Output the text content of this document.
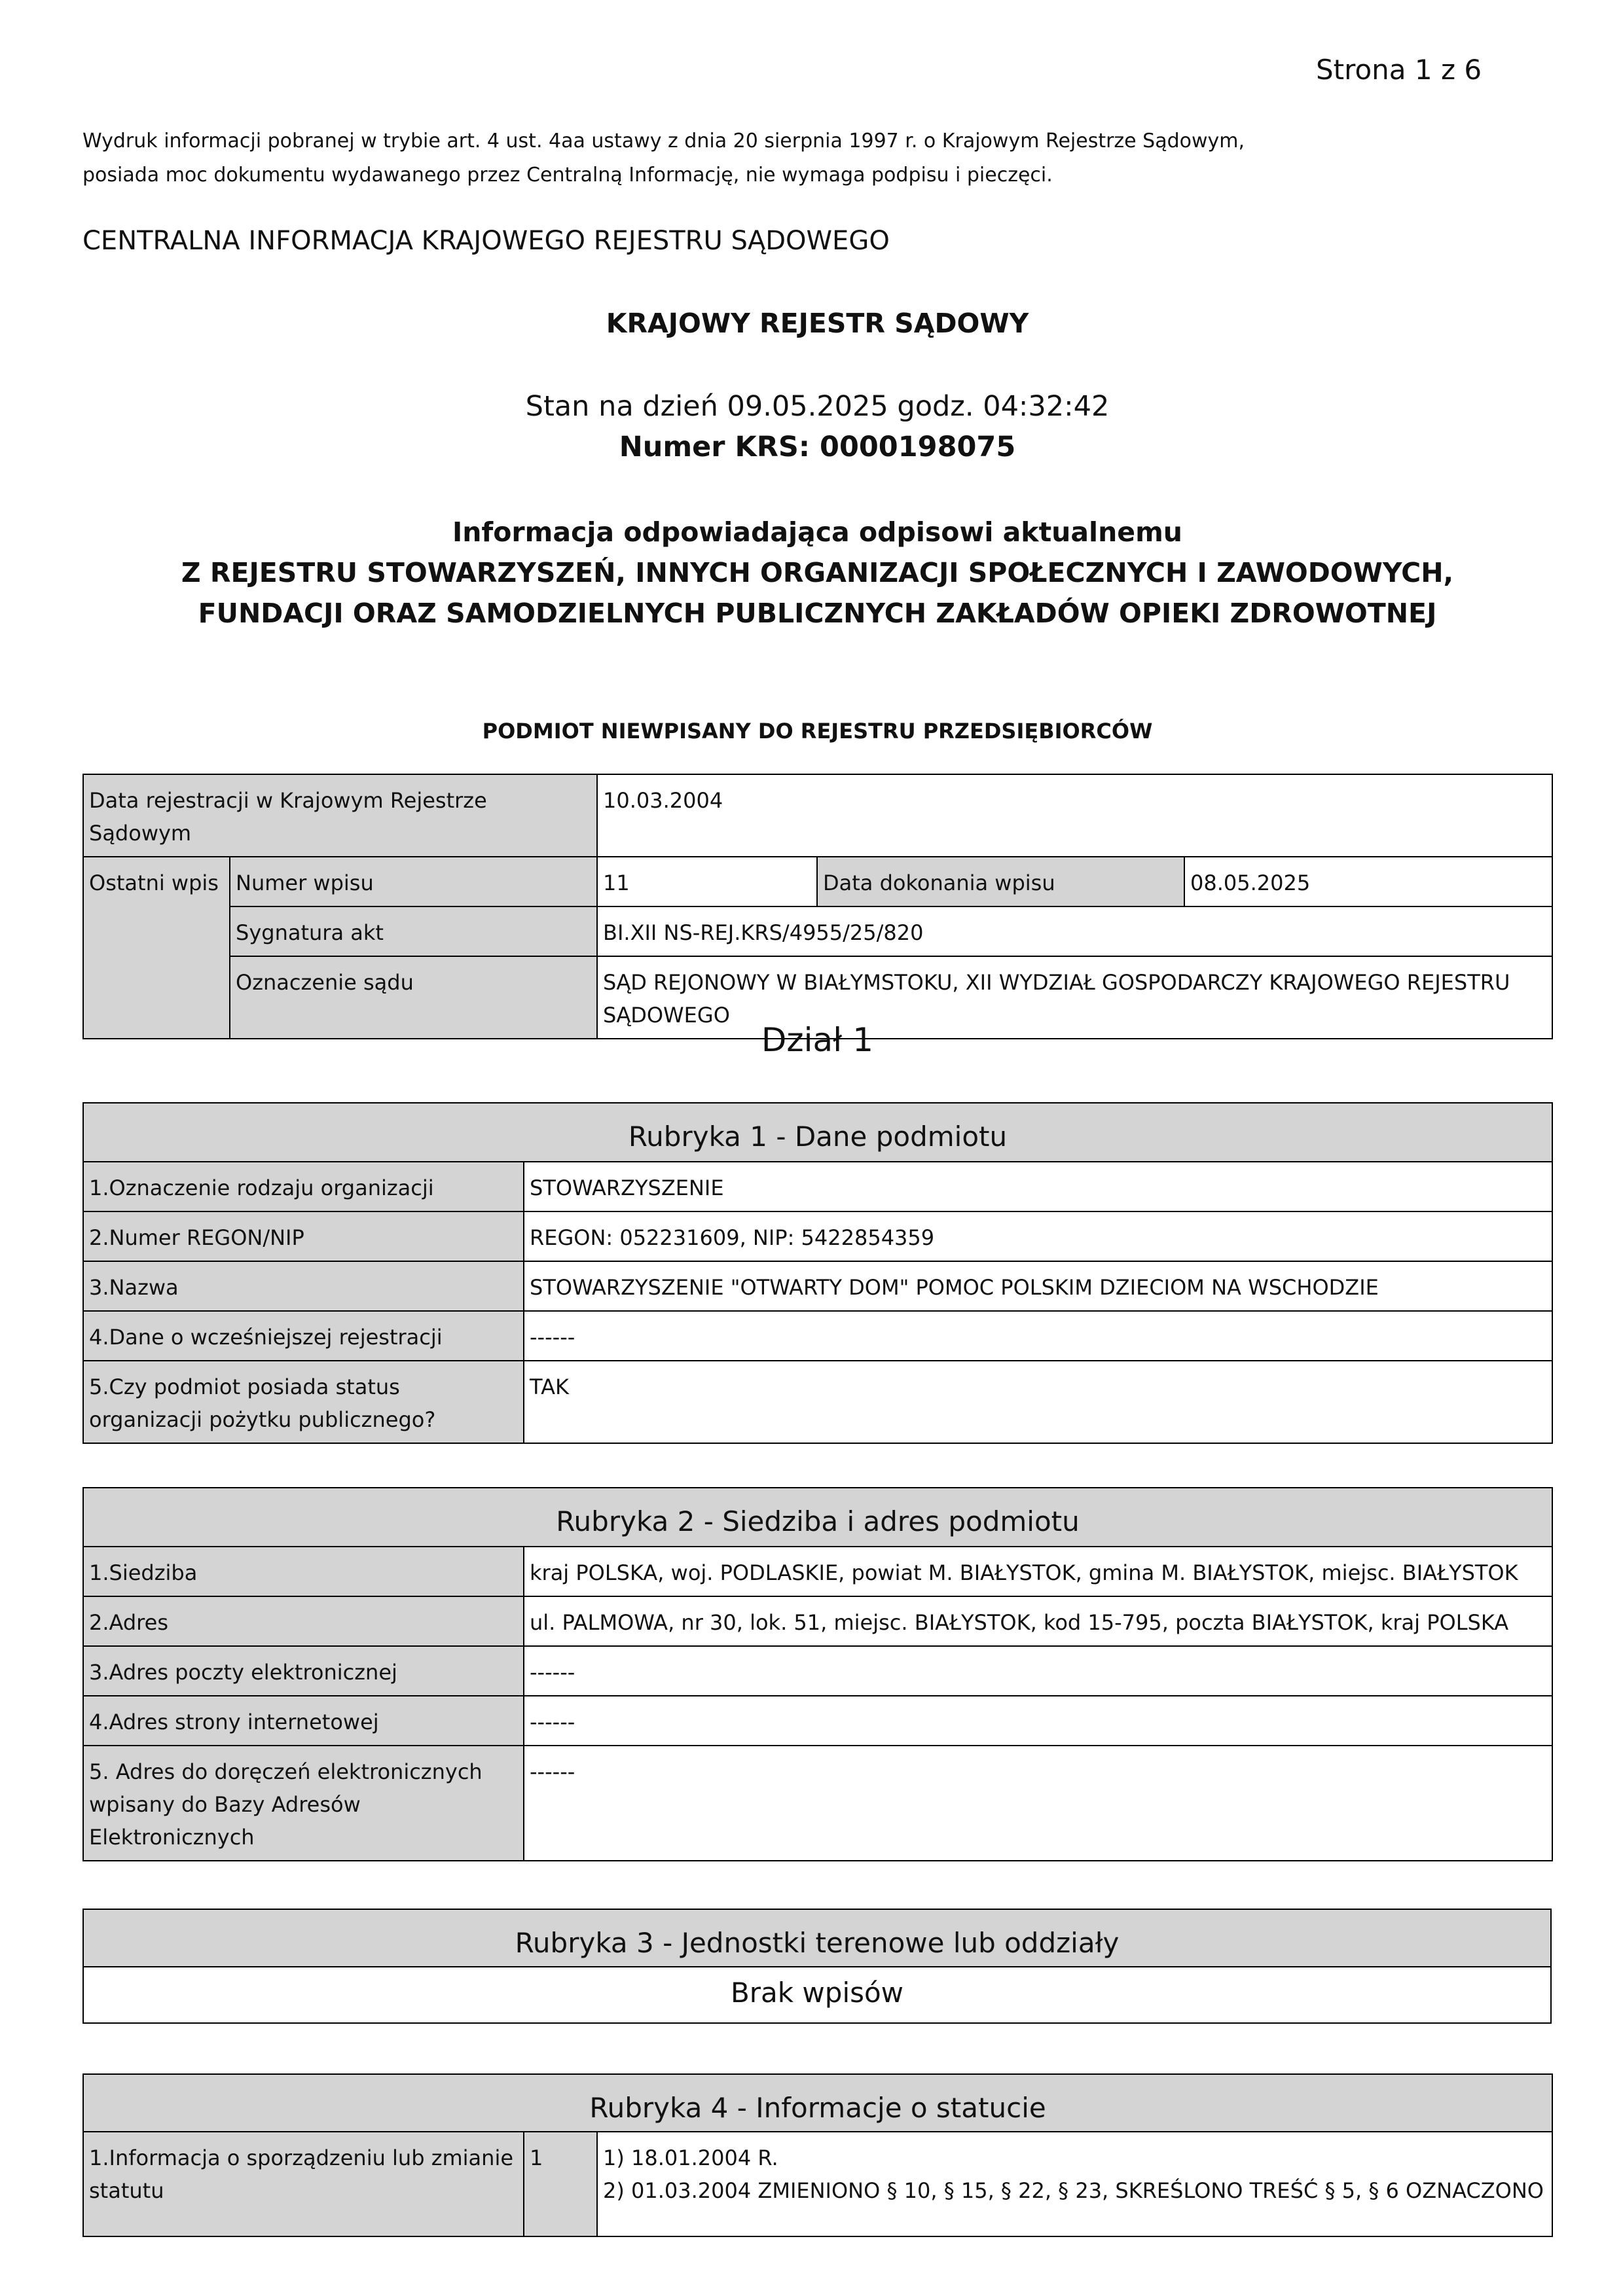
Strona 1 z 6
Wydruk informacji pobranej w trybie art. 4 ust. 4aa ustawy z dnia 20 sierpnia 1997 r. o Krajowym Rejestrze Sądowym,
posiada moc dokumentu wydawanego przez Centralną Informację, nie wymaga podpisu i pieczęci.
CENTRALNA INFORMACJA KRAJOWEGO REJESTRU SĄDOWEGO
KRAJOWY REJESTR SĄDOWY
Stan na dzień 09.05.2025 godz. 04:32:42
Numer KRS: 0000198075
Informacja odpowiadająca odpisowi aktualnemu
Z REJESTRU STOWARZYSZEŃ, INNYCH ORGANIZACJI SPOŁECZNYCH I ZAWODOWYCH,
FUNDACJI ORAZ SAMODZIELNYCH PUBLICZNYCH ZAKŁADÓW OPIEKI ZDROWOTNEJ
PODMIOT NIEWPISANY DO REJESTRU PRZEDSIĘBIORCÓW
Data rejestracji w Krajowym Rejestrze Sądowym		10.03.2004		
Ostatni wpis	Numer wpisu	11	Data dokonania wpisu	08.05.2025
	Sygnatura akt	BI.XII NS-REJ.KRS/4955/25/820		
	Oznaczenie sądu	SĄD REJONOWY W BIAŁYMSTOKU, XII WYDZIAŁ GOSPODARCZY KRAJOWEGO REJESTRU SĄDOWEGO		
Dział 1
Rubryka 1 - Dane podmiotu	
1.Oznaczenie rodzaju organizacji	STOWARZYSZENIE
2.Numer REGON/NIP	REGON: 052231609, NIP: 5422854359
3.Nazwa	STOWARZYSZENIE "OTWARTY DOM" POMOC POLSKIM DZIECIOM NA WSCHODZIE
4.Dane o wcześniejszej rejestracji	------
5.Czy podmiot posiada status organizacji pożytku publicznego?	TAK
Rubryka 2 - Siedziba i adres podmiotu	
1.Siedziba	kraj POLSKA, woj. PODLASKIE, powiat M. BIAŁYSTOK, gmina M. BIAŁYSTOK, miejsc. BIAŁYSTOK
2.Adres	ul. PALMOWA, nr 30, lok. 51, miejsc. BIAŁYSTOK, kod 15-795, poczta BIAŁYSTOK, kraj POLSKA
3.Adres poczty elektronicznej	------
4.Adres strony internetowej	------
5. Adres do doręczeń elektronicznych wpisany do Bazy Adresów Elektronicznych	------
Rubryka 3 - Jednostki terenowe lub oddziały
Brak wpisów
Rubryka 4 - Informacje o statucie
1.Informacja o sporządzeniu lub zmianie statutu	1	1) 18.01.2004 R.
2) 01.03.2004 ZMIENIONO § 10, § 15, § 22, § 23, SKREŚLONO TREŚĆ § 5, § 6 OZNACZONO
